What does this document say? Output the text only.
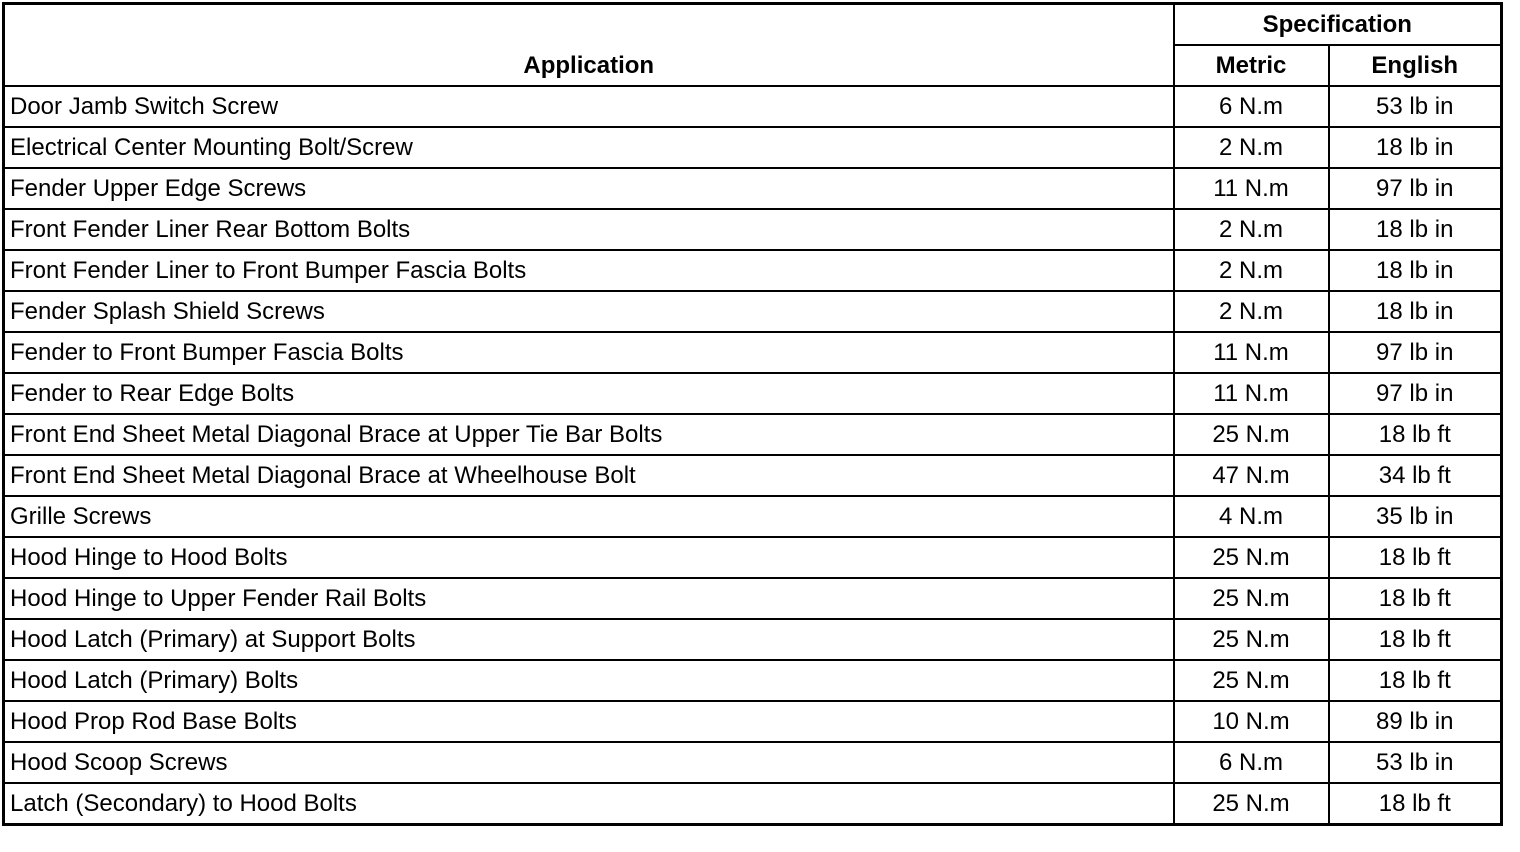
Application	Specification	
	Metric	English
Door Jamb Switch Screw	6 N.m	53 lb in
Electrical Center Mounting Bolt/Screw	2 N.m	18 lb in
Fender Upper Edge Screws	11 N.m	97 lb in
Front Fender Liner Rear Bottom Bolts	2 N.m	18 lb in
Front Fender Liner to Front Bumper Fascia Bolts	2 N.m	18 lb in
Fender Splash Shield Screws	2 N.m	18 lb in
Fender to Front Bumper Fascia Bolts	11 N.m	97 lb in
Fender to Rear Edge Bolts	11 N.m	97 lb in
Front End Sheet Metal Diagonal Brace at Upper Tie Bar Bolts	25 N.m	18 lb ft
Front End Sheet Metal Diagonal Brace at Wheelhouse Bolt	47 N.m	34 lb ft
Grille Screws	4 N.m	35 lb in
Hood Hinge to Hood Bolts	25 N.m	18 lb ft
Hood Hinge to Upper Fender Rail Bolts	25 N.m	18 lb ft
Hood Latch (Primary) at Support Bolts	25 N.m	18 lb ft
Hood Latch (Primary) Bolts	25 N.m	18 lb ft
Hood Prop Rod Base Bolts	10 N.m	89 lb in
Hood Scoop Screws	6 N.m	53 lb in
Latch (Secondary) to Hood Bolts	25 N.m	18 lb ft
